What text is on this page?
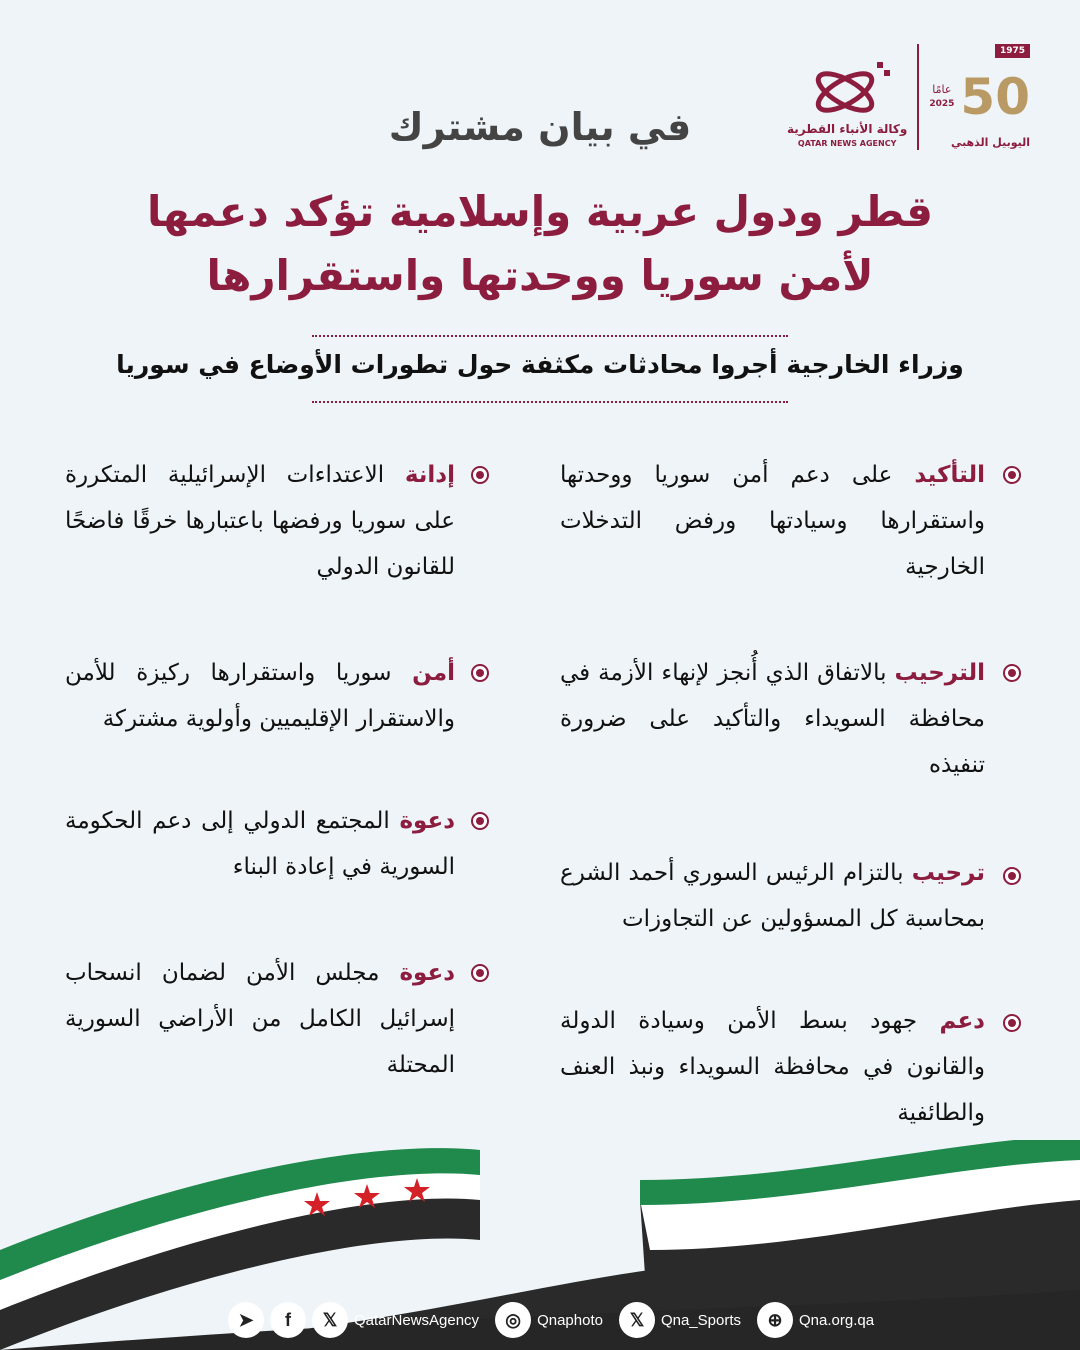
وكالة الأنباء القطرية
QATAR NEWS AGENCY
1975
عامًا
2025 50
اليوبيل الذهبي
في بيان مشترك
قطر ودول عربية وإسلامية تؤكد دعمها
لأمن سوريا ووحدتها واستقرارها
وزراء الخارجية أجروا محادثات مكثفة حول تطورات الأوضاع في سوريا
التأكيد على دعم أمن سوريا ووحدتها واستقرارها وسيادتها ورفض التدخلات الخارجية
الترحيب بالاتفاق الذي أُنجز لإنهاء الأزمة في محافظة السويداء والتأكيد على ضرورة تنفيذه
ترحيب بالتزام الرئيس السوري أحمد الشرع بمحاسبة كل المسؤولين عن التجاوزات
دعم جهود بسط الأمن وسيادة الدولة والقانون في محافظة السويداء ونبذ العنف والطائفية
إدانة الاعتداءات الإسرائيلية المتكررة على سوريا ورفضها باعتبارها خرقًا فاضحًا للقانون الدولي
أمن سوريا واستقرارها ركيزة للأمن والاستقرار الإقليميين وأولوية مشتركة
دعوة المجتمع الدولي إلى دعم الحكومة السورية في إعادة البناء
دعوة مجلس الأمن لضمان انسحاب إسرائيل الكامل من الأراضي السورية المحتلة
➤	f	𝕏	QatarNewsAgency	◎	Qnaphoto	𝕏	Qna_Sports	⊕	Qna.org.qa
